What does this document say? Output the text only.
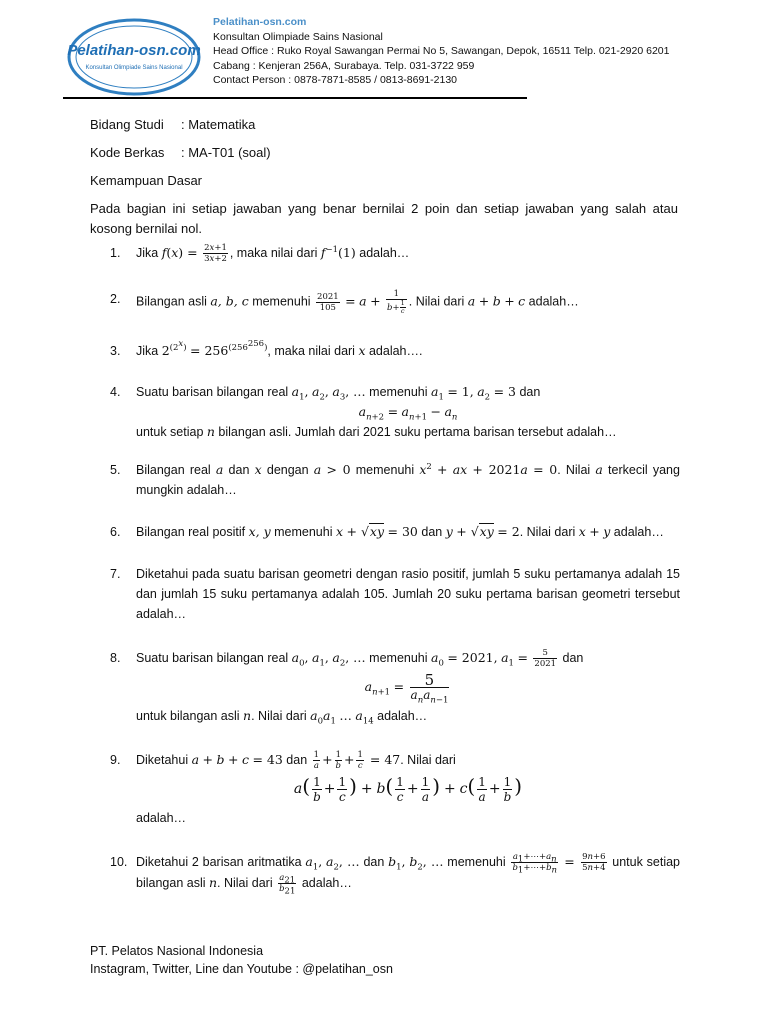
Pelatihan-osn.com
Konsultan Olimpiade Sains Nasional
Pelatihan-osn.com
Konsultan Olimpiade Sains Nasional
Head Office : Ruko Royal Sawangan Permai No 5, Sawangan, Depok, 16511 Telp. 021-2920 6201
Cabang : Kenjeran 256A, Surabaya. Telp. 031-3722 959
Contact Person : 0878-7871-8585 / 0813-8691-2130
Bidang Studi : Matematika
Kode Berkas : MA-T01 (soal)
Kemampuan Dasar
Pada bagian ini setiap jawaban yang benar bernilai 2 poin dan setiap jawaban yang salah atau kosong bernilai nol.
1.	Jika $f(x) = \frac{2x+1}{3x+2}$ , maka nilai dari $f^{-1}(1)$ adalah…
2.	Bilangan asli a, b, c memenuhi $\frac{2021}{105} = a + \frac{1}{b+ \frac{1}{c}}$ . Nilai dari a + b + c adalah…
3.	Jika $2^{(2^x)} = 256^{(256^{256})}$, maka nilai dari x adalah….
4.	Suatu barisan bilangan real $a_1$, $a_2$, $a_3$, … memenuhi $a_1 = 1$, $a_2 = 3$ dan
$a_{n+2} = a_{n+1} - a_n$
untuk setiap n bilangan asli. Jumlah dari 2021 suku pertama barisan tersebut adalah…
5.	Bilangan real a dan x dengan a > 0 memenuhi $x^2$ + ax + 2021a = 0. Nilai a terkecil yang mungkin adalah…
6.	Bilangan real positif x, y memenuhi x + √xy = 30 dan y + √xy = 2. Nilai dari x + y adalah…
7.	Diketahui pada suatu barisan geometri dengan rasio positif, jumlah 5 suku pertamanya adalah 15 dan jumlah 15 suku pertamanya adalah 105. Jumlah 20 suku pertama barisan geometri tersebut adalah…
8.	Suatu barisan bilangan real $a_0$, $a_1$, $a_2$, … memenuhi $a_0 = 2021$, $a_1 = \frac{5}{2021}$ dan
$a_{n+1} = \frac{5}{a_na_{n-1}}$
untuk bilangan asli n. Nilai dari $a_0a_1$ … $a_{14}$ adalah…
9.	Diketahui a + b + c = 43 dan $\frac{1}{a} + \frac{1}{b} + \frac{1}{c} = 47$. Nilai dari
$a( \frac{1}{b} + \frac{1}{c}$ ) + $b( \frac{1}{c} + \frac{1}{a}$ ) + $c( \frac{1}{a} + \frac{1}{b}$ )
adalah…
10. Diketahui 2 barisan aritmatika $a_1$, $a_2$, … dan $b_1$, $b_2$, … memenuhi $\frac{a_1+\cdots+a_n}{b_1+\cdots+b_n} = \frac{9n+6}{5n+4}$ untuk setiap bilangan asli n. Nilai dari $\frac{a_{21}}{b_{21}}$ adalah…
PT. Pelatos Nasional Indonesia
Instagram, Twitter, Line dan Youtube : @pelatihan_osn
